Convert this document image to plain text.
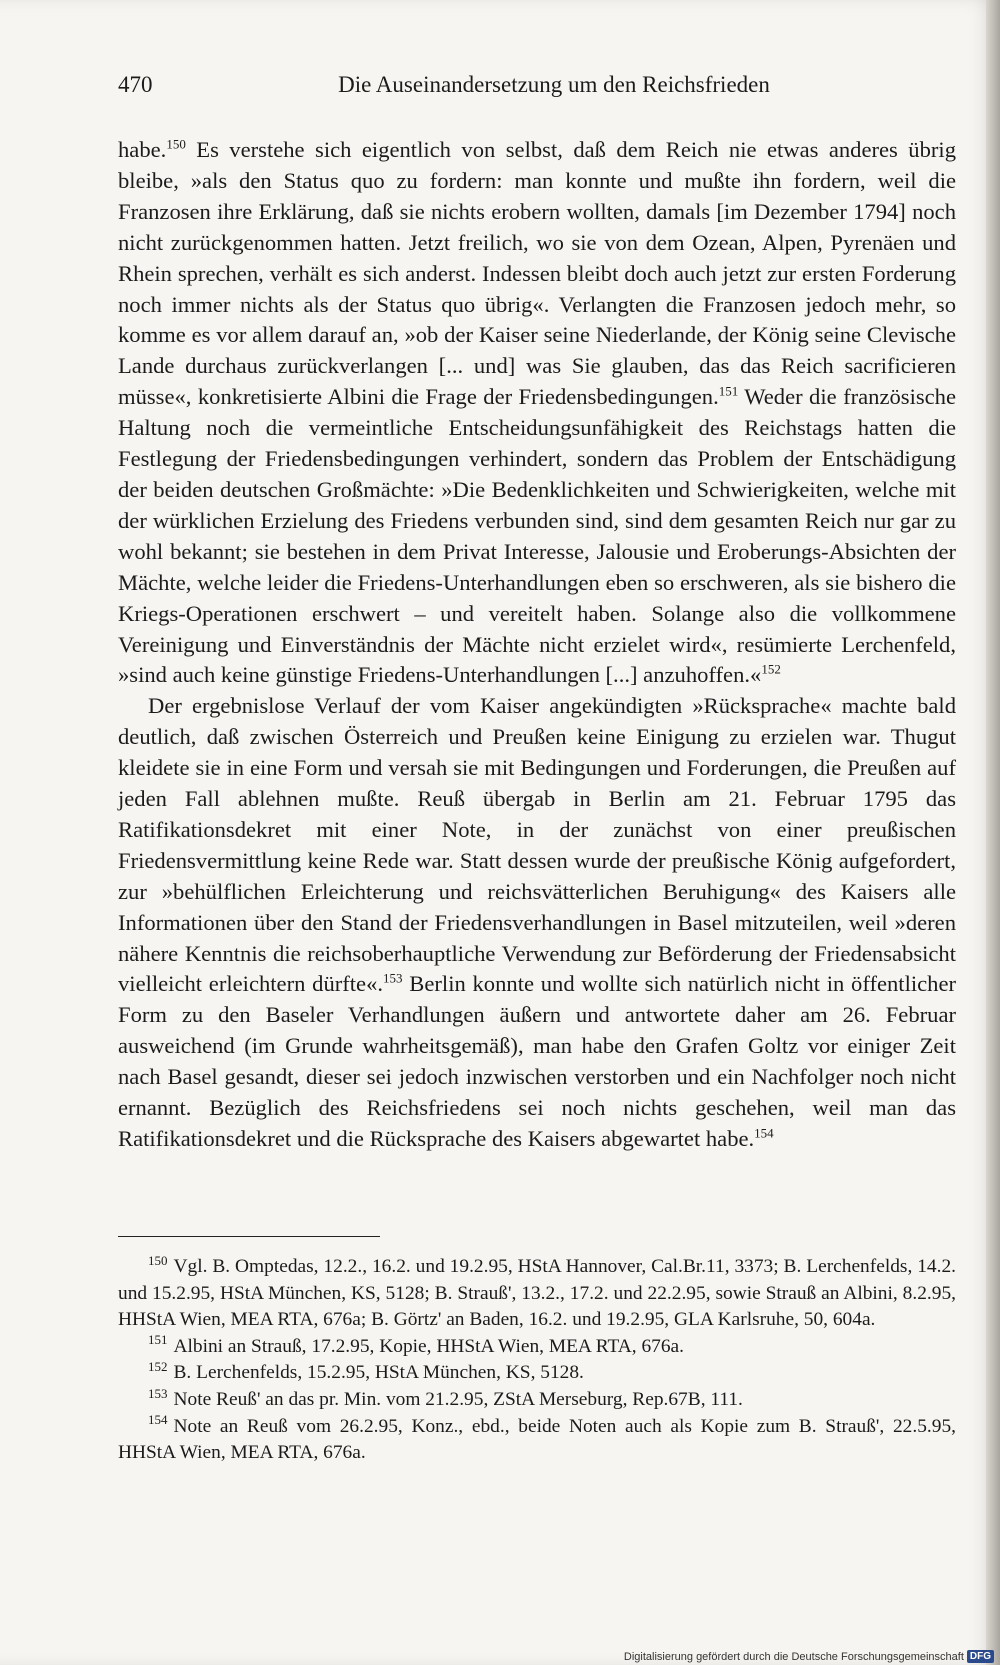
470	Die Auseinandersetzung um den Reichsfrieden

habe.$^{150}$ Es verstehe sich eigentlich von selbst, daß dem Reich nie etwas anderes übrig bleibe, »als den Status quo zu fordern: man konnte und mußte ihn fordern, weil die Franzosen ihre Erklärung, daß sie nichts erobern wollten, damals [im Dezember 1794] noch nicht zurückgenommen hatten. Jetzt freilich, wo sie von dem Ozean, Alpen, Pyrenäen und Rhein sprechen, verhält es sich anderst. Indessen bleibt doch auch jetzt zur ersten Forderung noch immer nichts als der Status quo übrig«. Verlangten die Franzosen jedoch mehr, so komme es vor allem darauf an, »ob der Kaiser seine Niederlande, der König seine Clevische Lande durchaus zurückverlangen [... und] was Sie glauben, das das Reich sacrificieren müsse«, konkretisierte Albini die Frage der Friedensbedingungen.$^{151}$ Weder die französische Haltung noch die vermeintliche Entscheidungsunfähigkeit des Reichstags hatten die Festlegung der Friedensbedingungen verhindert, sondern das Problem der Entschädigung der beiden deutschen Großmächte: »Die Bedenklichkeiten und Schwierigkeiten, welche mit der würklichen Erzielung des Friedens verbunden sind, sind dem gesamten Reich nur gar zu wohl bekannt; sie bestehen in dem Privat Interesse, Jalousie und Eroberungs-Absichten der Mächte, welche leider die Friedens-Unterhandlungen eben so erschweren, als sie bishero die Kriegs-Operationen erschwert – und vereitelt haben. Solange also die vollkommene Vereinigung und Einverständnis der Mächte nicht erzielet wird«, resümierte Lerchenfeld, »sind auch keine günstige Friedens-Unterhandlungen [...] anzuhoffen.«$^{152}$

Der ergebnislose Verlauf der vom Kaiser angekündigten »Rücksprache« machte bald deutlich, daß zwischen Österreich und Preußen keine Einigung zu erzielen war. Thugut kleidete sie in eine Form und versah sie mit Bedingungen und Forderungen, die Preußen auf jeden Fall ablehnen mußte. Reuß übergab in Berlin am 21. Februar 1795 das Ratifikationsdekret mit einer Note, in der zunächst von einer preußischen Friedensvermittlung keine Rede war. Statt dessen wurde der preußische König aufgefordert, zur »behülflichen Erleichterung und reichsvätterlichen Beruhigung« des Kaisers alle Informationen über den Stand der Friedensverhandlungen in Basel mitzuteilen, weil »deren nähere Kenntnis die reichsoberhauptliche Verwendung zur Beförderung der Friedensabsicht vielleicht erleichtern dürfte«.$^{153}$ Berlin konnte und wollte sich natürlich nicht in öffentlicher Form zu den Baseler Verhandlungen äußern und antwortete daher am 26. Februar ausweichend (im Grunde wahrheitsgemäß), man habe den Grafen Goltz vor einiger Zeit nach Basel gesandt, dieser sei jedoch inzwischen verstorben und ein Nachfolger noch nicht ernannt. Bezüglich des Reichsfriedens sei noch nichts geschehen, weil man das Ratifikationsdekret und die Rücksprache des Kaisers abgewartet habe.$^{154}$

$^{150}$ Vgl. B. Omptedas, 12.2., 16.2. und 19.2.95, HStA Hannover, Cal.Br.11, 3373; B. Lerchenfelds, 14.2. und 15.2.95, HStA München, KS, 5128; B. Strauß', 13.2., 17.2. und 22.2.95, sowie Strauß an Albini, 8.2.95, HHStA Wien, MEA RTA, 676a; B. Görtz' an Baden, 16.2. und 19.2.95, GLA Karlsruhe, 50, 604a.

$^{151}$ Albini an Strauß, 17.2.95, Kopie, HHStA Wien, MEA RTA, 676a.

$^{152}$ B. Lerchenfelds, 15.2.95, HStA München, KS, 5128.

$^{153}$ Note Reuß' an das pr. Min. vom 21.2.95, ZStA Merseburg, Rep.67B, 111.

$^{154}$ Note an Reuß vom 26.2.95, Konz., ebd., beide Noten auch als Kopie zum B. Strauß', 22.5.95, HHStA Wien, MEA RTA, 676a.

Digitalisierung gefördert durch die Deutsche Forschungsgemeinschaft DFG
